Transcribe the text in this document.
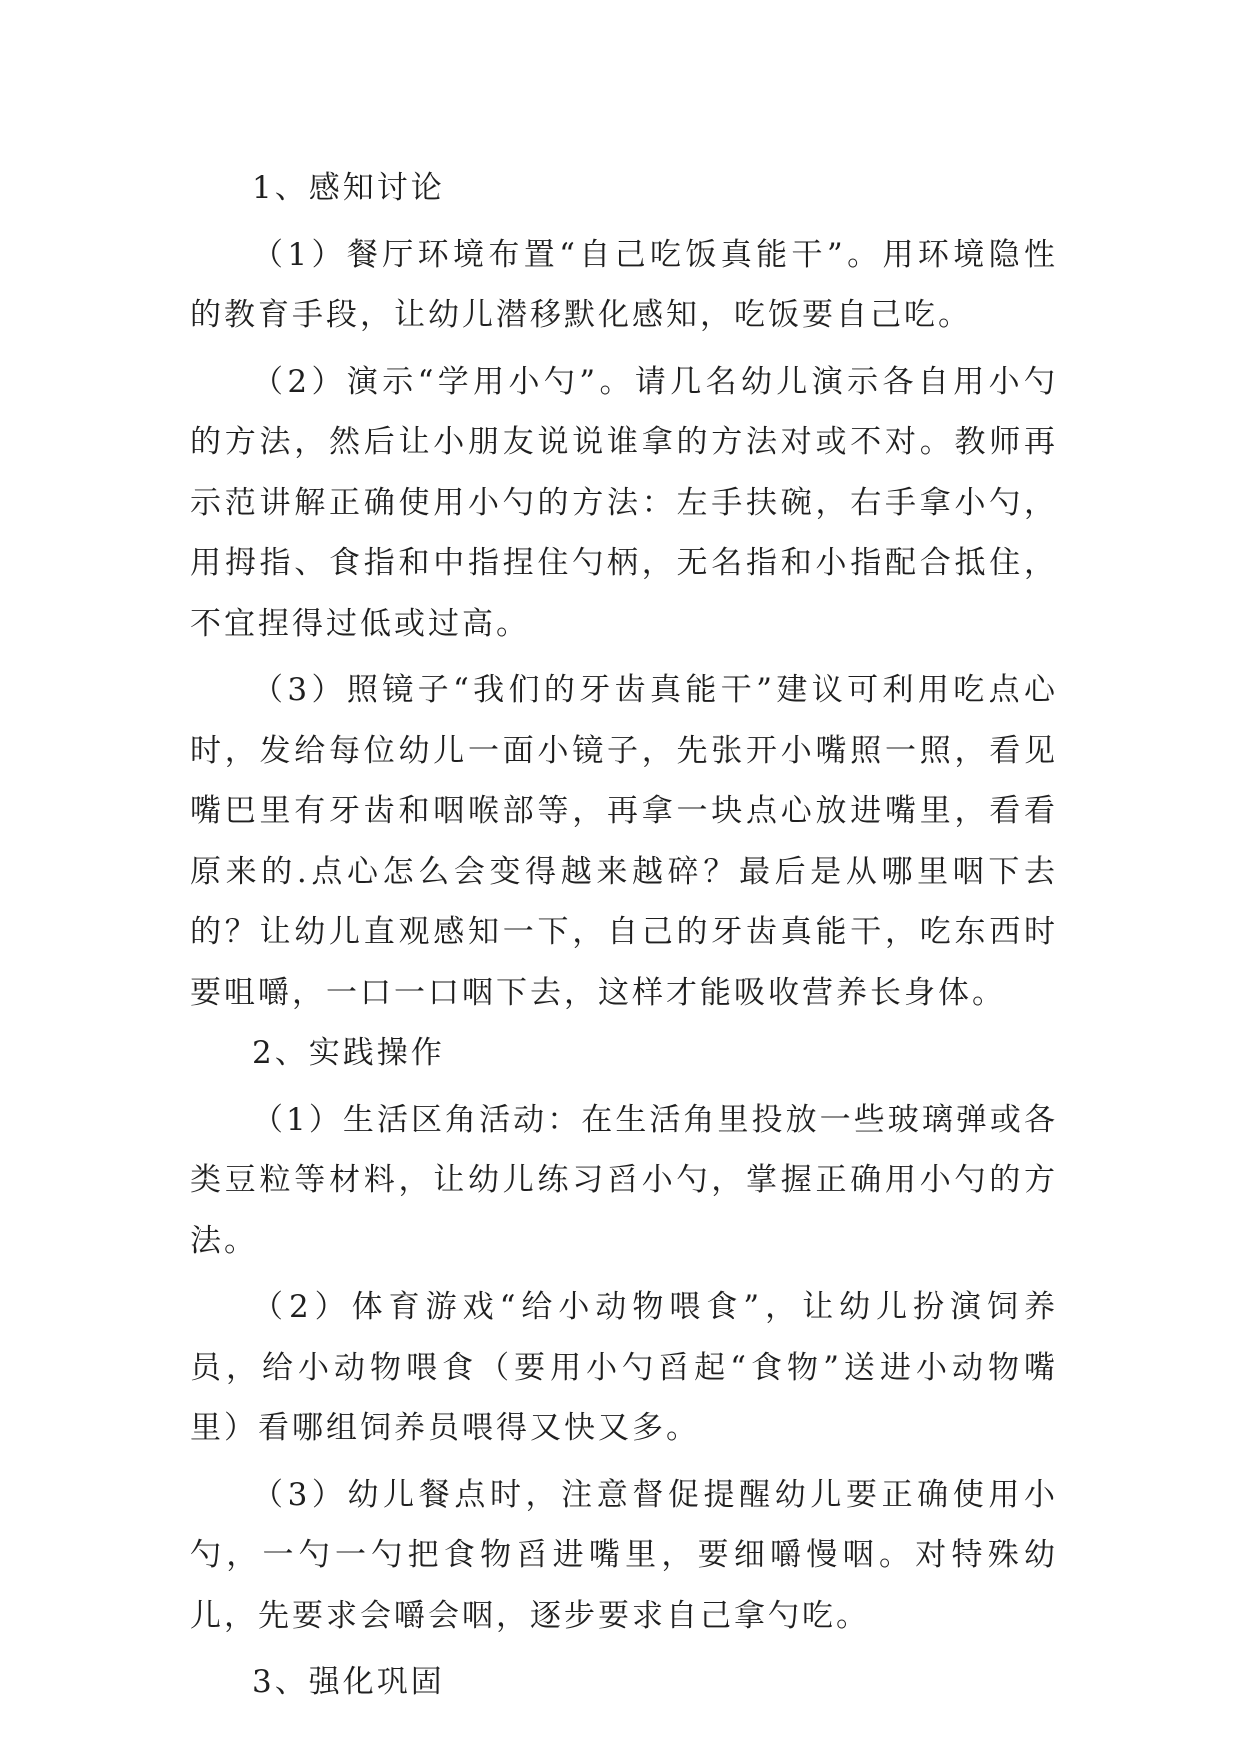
1、感知讨论

（1）餐厅环境布置“自己吃饭真能干”。用环境隐性的教育手段，让幼儿潜移默化感知，吃饭要自己吃。

（2）演示“学用小勺”。请几名幼儿演示各自用小勺的方法，然后让小朋友说说谁拿的方法对或不对。教师再示范讲解正确使用小勺的方法：左手扶碗，右手拿小勺，用拇指、食指和中指捏住勺柄，无名指和小指配合抵住，不宜捏得过低或过高。

（3）照镜子“我们的牙齿真能干”建议可利用吃点心时，发给每位幼儿一面小镜子，先张开小嘴照一照，看见嘴巴里有牙齿和咽喉部等，再拿一块点心放进嘴里，看看原来的.点心怎么会变得越来越碎？最后是从哪里咽下去的？让幼儿直观感知一下，自己的牙齿真能干，吃东西时要咀嚼，一口一口咽下去，这样才能吸收营养长身体。

2、实践操作

（1）生活区角活动：在生活角里投放一些玻璃弹或各类豆粒等材料，让幼儿练习舀小勺，掌握正确用小勺的方法。

（2）体育游戏“给小动物喂食”，让幼儿扮演饲养员，给小动物喂食（要用小勺舀起“食物”送进小动物嘴里）看哪组饲养员喂得又快又多。

（3）幼儿餐点时，注意督促提醒幼儿要正确使用小勺，一勺一勺把食物舀进嘴里，要细嚼慢咽。对特殊幼儿，先要求会嚼会咽，逐步要求自己拿勺吃。

3、强化巩固
